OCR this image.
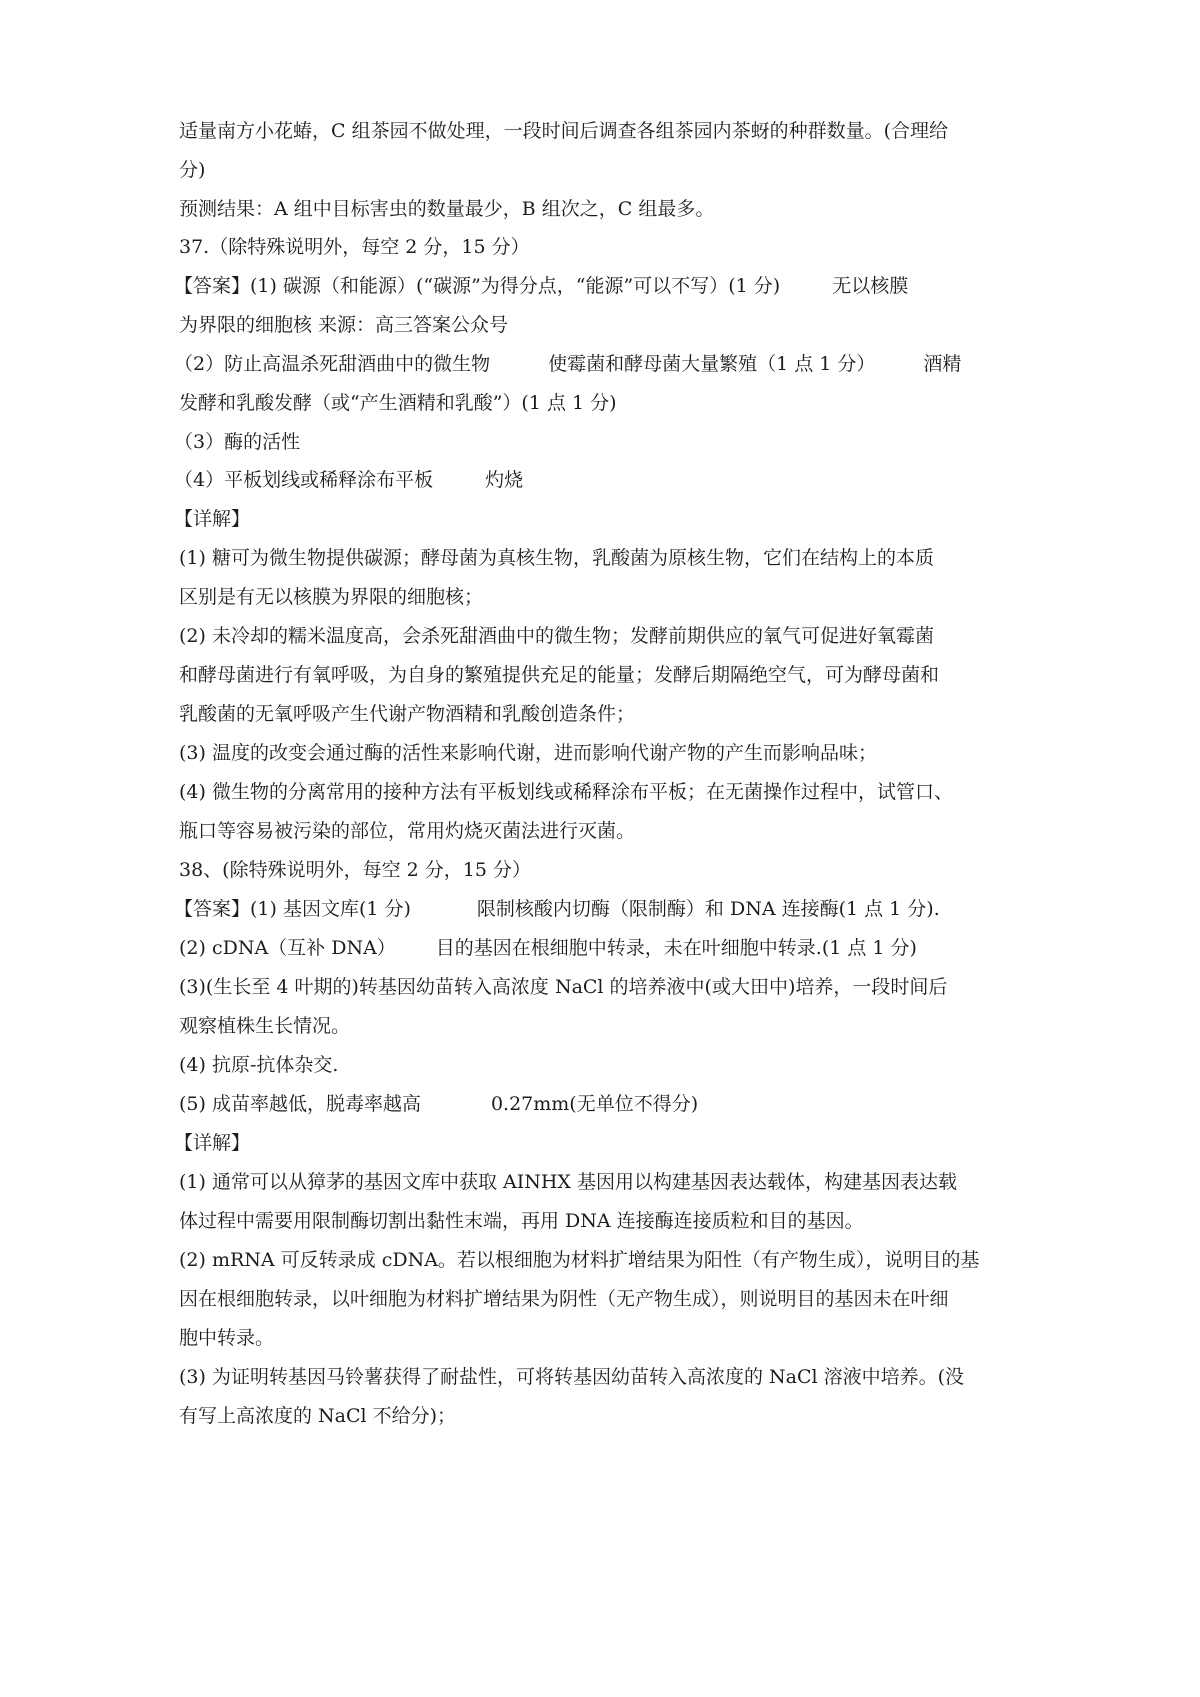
适量南方小花蝽，C 组茶园不做处理，一段时间后调查各组茶园内茶蚜的种群数量。(合理给
分)
预测结果：A 组中目标害虫的数量最少，B 组次之，C 组最多。
37.（除特殊说明外，每空 2 分，15 分）
【答案】(1) 碳源（和能源）(“碳源”为得分点，“能源”可以不写）(1 分)	无以核膜
为界限的细胞核 来源：高三答案公众号
（2）防止高温杀死甜酒曲中的微生物	使霉菌和酵母菌大量繁殖（1 点 1 分）	酒精
发酵和乳酸发酵（或“产生酒精和乳酸”）(1 点 1 分)
（3）酶的活性
（4）平板划线或稀释涂布平板	灼烧
【详解】
(1) 糖可为微生物提供碳源；酵母菌为真核生物，乳酸菌为原核生物，它们在结构上的本质
区别是有无以核膜为界限的细胞核；
(2) 未冷却的糯米温度高，会杀死甜酒曲中的微生物；发酵前期供应的氧气可促进好氧霉菌
和酵母菌进行有氧呼吸，为自身的繁殖提供充足的能量；发酵后期隔绝空气，可为酵母菌和
乳酸菌的无氧呼吸产生代谢产物酒精和乳酸创造条件；
(3) 温度的改变会通过酶的活性来影响代谢，进而影响代谢产物的产生而影响品味；
(4) 微生物的分离常用的接种方法有平板划线或稀释涂布平板；在无菌操作过程中，试管口、
瓶口等容易被污染的部位，常用灼烧灭菌法进行灭菌。
38、(除特殊说明外，每空 2 分，15 分）
【答案】(1) 基因文库(1 分)	限制核酸内切酶（限制酶）和 DNA 连接酶(1 点 1 分).
(2) cDNA（互补 DNA） 目的基因在根细胞中转录，未在叶细胞中转录.(1 点 1 分)
(3)(生长至 4 叶期的)转基因幼苗转入高浓度 NaCl 的培养液中(或大田中)培养，一段时间后
观察植株生长情况。
(4) 抗原-抗体杂交.
(5) 成苗率越低，脱毒率越高	0.27mm(无单位不得分)
【详解】
(1) 通常可以从獐茅的基因文库中获取 AINHX 基因用以构建基因表达载体，构建基因表达载
体过程中需要用限制酶切割出黏性末端，再用 DNA 连接酶连接质粒和目的基因。
(2) mRNA 可反转录成 cDNA。若以根细胞为材料扩增结果为阳性（有产物生成），说明目的基
因在根细胞转录，以叶细胞为材料扩增结果为阴性（无产物生成），则说明目的基因未在叶细
胞中转录。
(3) 为证明转基因马铃薯获得了耐盐性，可将转基因幼苗转入高浓度的 NaCl 溶液中培养。(没
有写上高浓度的 NaCl 不给分)；
